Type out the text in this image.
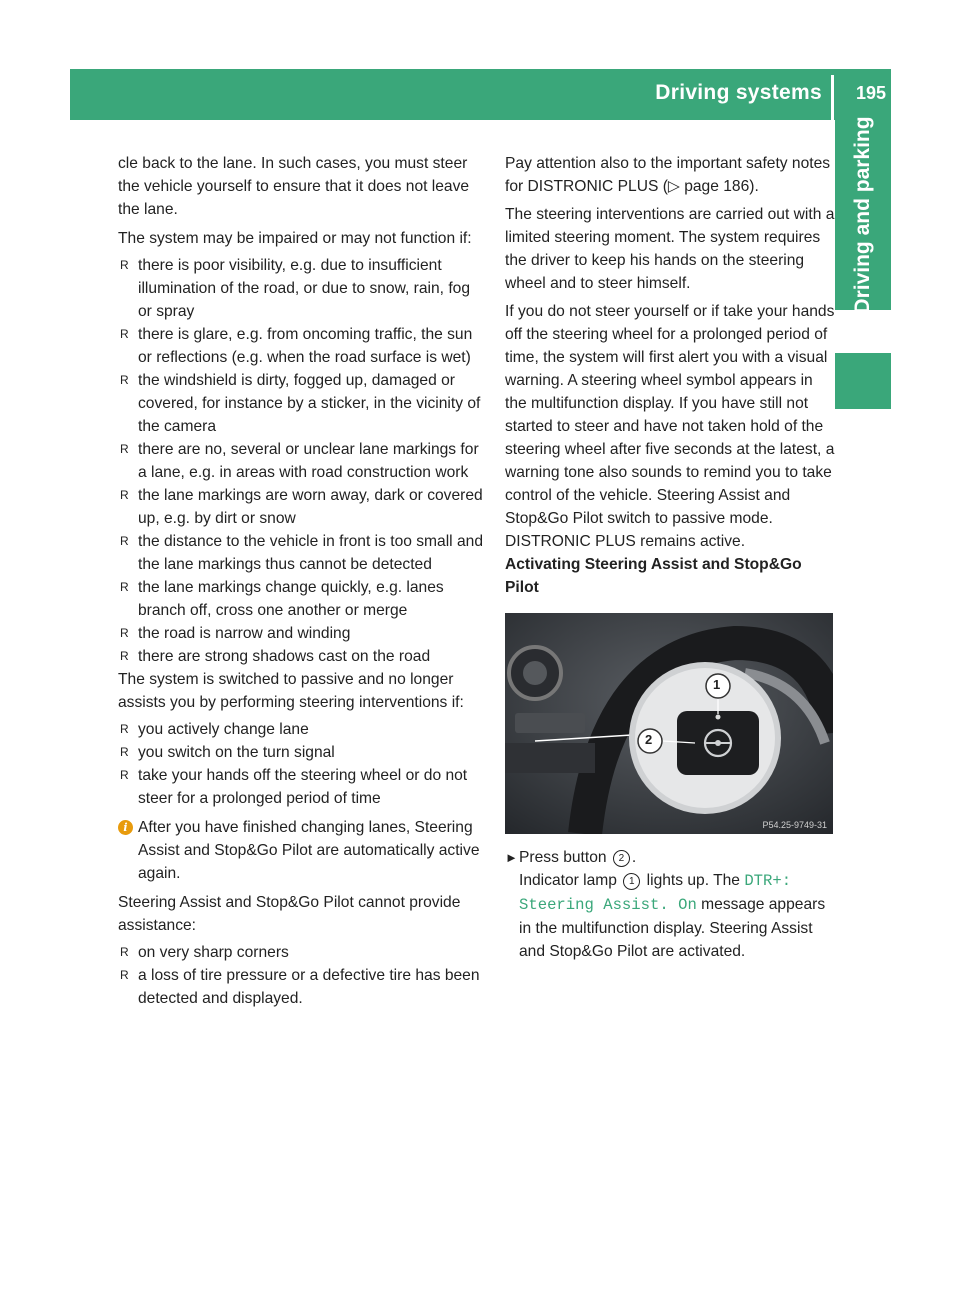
Driving systems 195
Driving and parking

cle back to the lane. In such cases, you must steer the vehicle yourself to ensure that it does not leave the lane.

The system may be impaired or may not function if:

R there is poor visibility, e.g. due to insufficient illumination of the road, or due to snow, rain, fog or spray
R there is glare, e.g. from oncoming traffic, the sun or reflections (e.g. when the road surface is wet)
R the windshield is dirty, fogged up, damaged or covered, for instance by a sticker, in the vicinity of the camera
R there are no, several or unclear lane markings for a lane, e.g. in areas with road construction work
R the lane markings are worn away, dark or covered up, e.g. by dirt or snow
R the distance to the vehicle in front is too small and the lane markings thus cannot be detected
R the lane markings change quickly, e.g. lanes branch off, cross one another or merge
R the road is narrow and winding
R there are strong shadows cast on the road

The system is switched to passive and no longer assists you by performing steering interventions if:

R you actively change lane
R you switch on the turn signal
R take your hands off the steering wheel or do not steer for a prolonged period of time
i After you have finished changing lanes, Steering Assist and Stop&Go Pilot are automatically active again.

Steering Assist and Stop&Go Pilot cannot provide assistance:

R on very sharp corners
R a loss of tire pressure or a defective tire has been detected and displayed.

Pay attention also to the important safety notes for DISTRONIC PLUS (▷ page 186).

The steering interventions are carried out with a limited steering moment. The system requires the driver to keep his hands on the steering wheel and to steer himself.

If you do not steer yourself or if take your hands off the steering wheel for a prolonged period of time, the system will first alert you with a visual warning. A steering wheel symbol appears in the multifunction display. If you have still not started to steer and have not taken hold of the steering wheel after five seconds at the latest, a warning tone also sounds to remind you to take control of the vehicle. Steering Assist and Stop&Go Pilot switch to passive mode. DISTRONIC PLUS remains active.

Activating Steering Assist and Stop&Go Pilot

1
2
P54.25-9749-31
► Press button 2 .
Indicator lamp 1 lights up. The DTR+:
Steering Assist. On message appears in the multifunction display. Steering Assist and Stop&Go Pilot are activated.
